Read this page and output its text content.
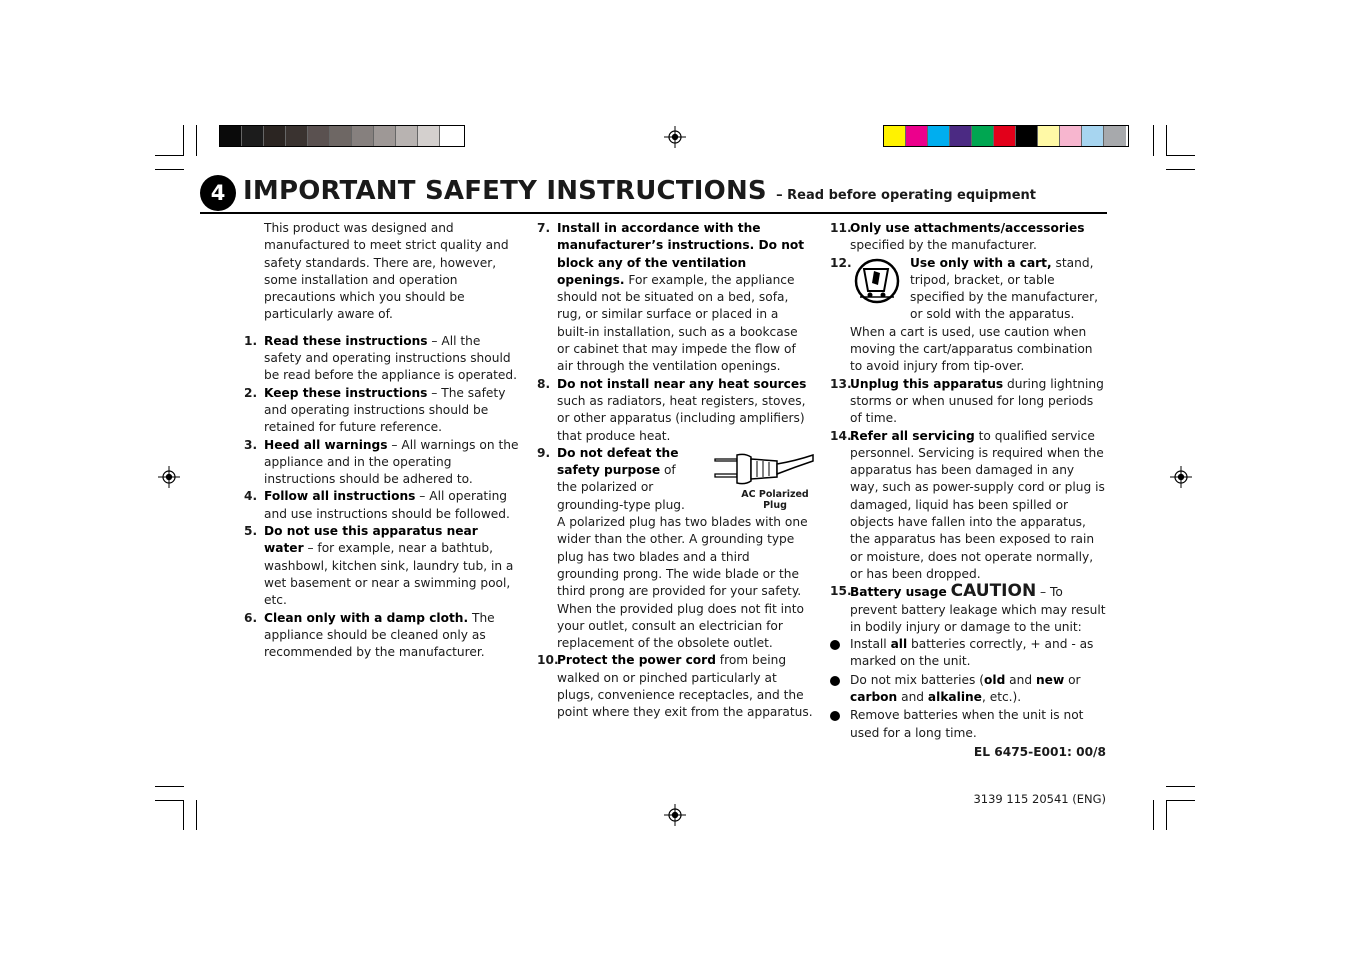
4 IMPORTANT SAFETY INSTRUCTIONS – Read before operating equipment

This product was designed and manufactured to meet strict quality and safety standards. There are, however, some installation and operation precautions which you should be particularly aware of.

1. Read these instructions – All the safety and operating instructions should be read before the appliance is operated.
2. Keep these instructions – The safety and operating instructions should be retained for future reference.
3. Heed all warnings – All warnings on the appliance and in the operating instructions should be adhered to.
4. Follow all instructions – All operating and use instructions should be followed.
5. Do not use this apparatus near water – for example, near a bathtub, washbowl, kitchen sink, laundry tub, in a wet basement or near a swimming pool, etc.
6. Clean only with a damp cloth. The appliance should be cleaned only as recommended by the manufacturer.
7. Install in accordance with the manufacturer’s instructions. Do not block any of the ventilation openings. For example, the appliance should not be situated on a bed, sofa, rug, or similar surface or placed in a built-in installation, such as a bookcase or cabinet that may impede the flow of air through the ventilation openings.
8. Do not install near any heat sources such as radiators, heat registers, stoves, or other apparatus (including amplifiers) that produce heat.
9.
AC Polarized Plug
Do not defeat the safety purpose of the polarized or grounding-type plug. A polarized plug has two blades with one wider than the other. A grounding type plug has two blades and a third grounding prong. The wide blade or the third prong are provided for your safety. When the provided plug does not fit into your outlet, consult an electrician for replacement of the obsolete outlet.
10.
Protect the power cord from being walked on or pinched particularly at plugs, convenience receptacles, and the point where they exit from the apparatus.
11.
Only use attachments/accessories specified by the manufacturer.
12.	Use only with a cart, stand, tripod, bracket, or table specified by the manufacturer, or sold with the apparatus. When a cart is used, use caution when moving the cart/apparatus combination to avoid injury from tip-over.
13.
Unplug this apparatus during lightning storms or when unused for long periods of time.
14.
Refer all servicing to qualified service personnel. Servicing is required when the apparatus has been damaged in any way, such as power-supply cord or plug is damaged, liquid has been spilled or objects have fallen into the apparatus, the apparatus has been exposed to rain or moisture, does not operate normally, or has been dropped.
15.
Battery usage CAUTION – To prevent battery leakage which may result in bodily injury or damage to the unit:
Install all batteries correctly, + and - as marked on the unit.
Do not mix batteries (old and new or carbon and alkaline, etc.).
Remove batteries when the unit is not used for a long time.
EL 6475-E001: 00/8
3139 115 20541 (ENG)
